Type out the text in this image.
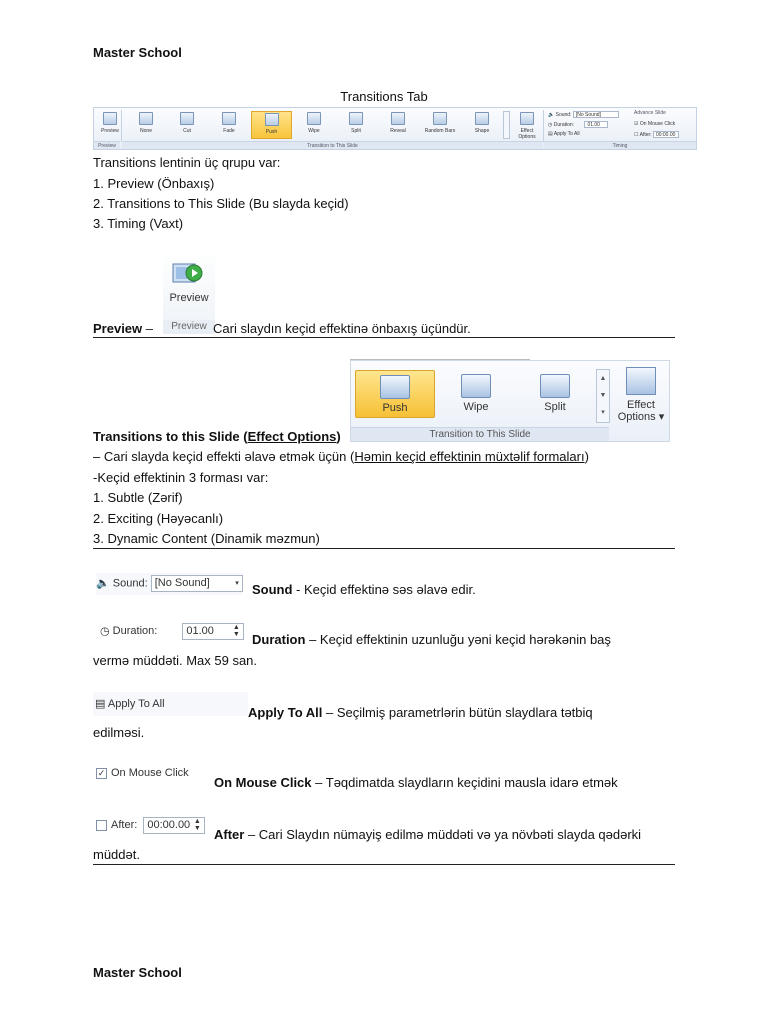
Master School
Transitions Tab
Preview
Preview
None	Cut	Fade	Push	Wipe	Split	Reveal	Random Bars	Shape	Effect Options
Transition to This Slide
🔈 Sound: [No Sound]
◷ Duration:	01.00
▤ Apply To All
Advance Slide
☑ On Mouse Click
☐ After: 00:00.00
Timing
Transitions lentinin üç qrupu var:
1. Preview (Önbaxış)
2. Transitions to This Slide (Bu slayda keçid)
3. Timing (Vaxt)
Preview
Preview
Preview –	Cari slaydın keçid effektinə önbaxış üçündür.
Push	Wipe	Split
▲
▼
▾
Effect
Options ▾
Transition to This Slide
Transitions to this Slide (Effect Options)
– Cari slayda keçid effekti əlavə etmək üçün (Həmin keçid effektinin müxtəlif formaları)
-Keçid effektinin 3 forması var:
1. Subtle (Zərif)
2. Exciting (Həyəcanlı)
3. Dynamic Content (Dinamik məzmun)
🔈 Sound: [No Sound]	▾ Sound - Keçid effektinə səs əlavə edir.
◷ Duration:	01.00	▲
▼ Duration – Keçid effektinin uzunluğu yəni keçid hərəkənin baş
vermə müddəti. Max 59 san.
▤ Apply To All
Apply To All – Seçilmiş parametrlərin bütün slaydlara tətbiq
edilməsi.
✓ On Mouse Click
On Mouse Click – Təqdimatda slaydların keçidini mausla idarə etmək
After: 00:00.00 ▲
▼ After – Cari Slaydın nümayiş edilmə müddəti və ya növbəti slayda qədərki
müddət.
Master School
